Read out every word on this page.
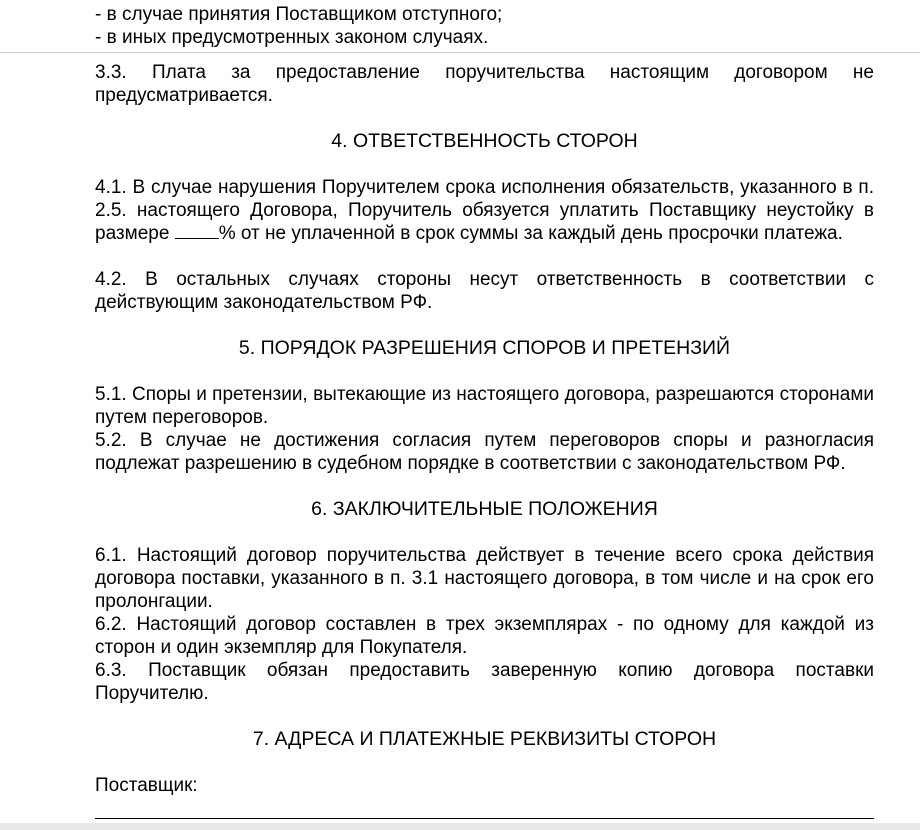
- в случае принятия Поставщиком отступного;
- в иных предусмотренных законом случаях.
3.3. Плата за предоставление поручительства настоящим договором не предусматривается.
4. ОТВЕТСТВЕННОСТЬ СТОРОН
4.1. В случае нарушения Поручителем срока исполнения обязательств, указанного в п. 2.5. настоящего Договора, Поручитель обязуется уплатить Поставщику неустойку в размере % от не уплаченной в срок суммы за каждый день просрочки платежа.
4.2. В остальных случаях стороны несут ответственность в соответствии с действующим законодательством РФ.
5. ПОРЯДОК РАЗРЕШЕНИЯ СПОРОВ И ПРЕТЕНЗИЙ
5.1. Споры и претензии, вытекающие из настоящего договора, разрешаются сторонами путем переговоров.
5.2. В случае не достижения согласия путем переговоров споры и разногласия подлежат разрешению в судебном порядке в соответствии с законодательством РФ.
6. ЗАКЛЮЧИТЕЛЬНЫЕ ПОЛОЖЕНИЯ
6.1. Настоящий договор поручительства действует в течение всего срока действия договора поставки, указанного в п. 3.1 настоящего договора, в том числе и на срок его пролонгации.
6.2. Настоящий договор составлен в трех экземплярах - по одному для каждой из сторон и один экземпляр для Покупателя.
6.3. Поставщик обязан предоставить заверенную копию договора поставки Поручителю.
7. АДРЕСА И ПЛАТЕЖНЫЕ РЕКВИЗИТЫ СТОРОН
Поставщик:
